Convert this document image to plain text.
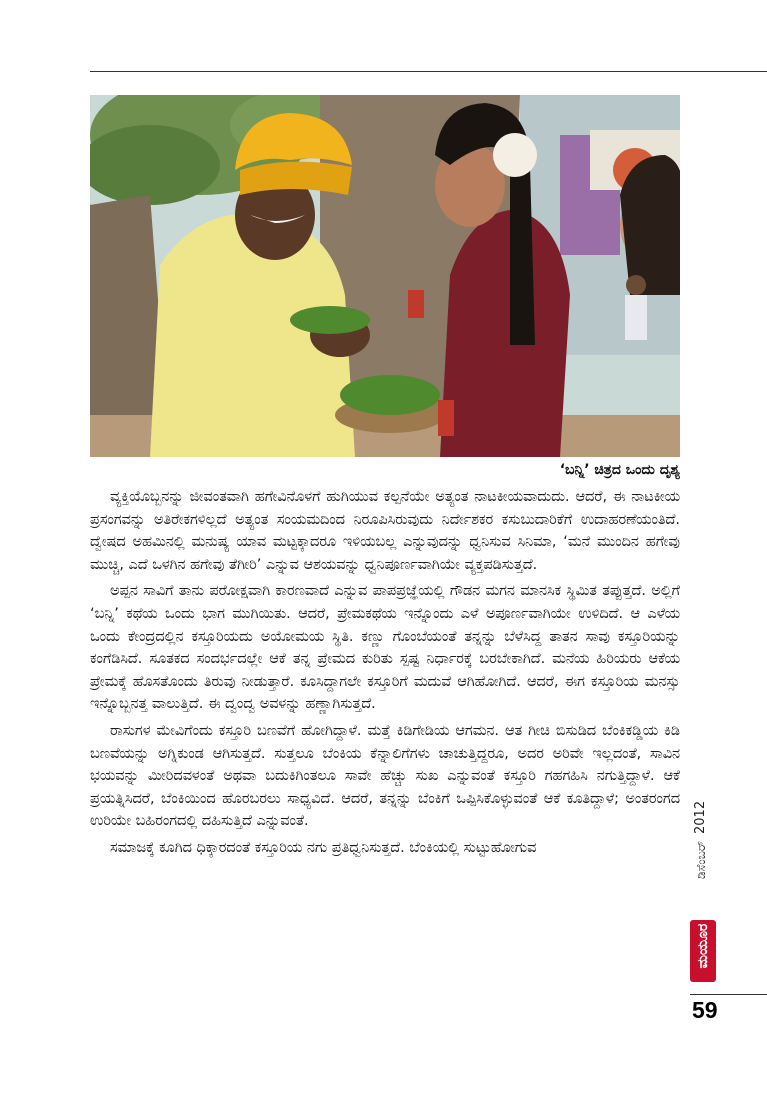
‘ಬನ್ನಿ’ ಚಿತ್ರದ ಒಂದು ದೃಶ್ಯ

ವ್ಯಕ್ತಿಯೊಬ್ಬನನ್ನು ಜೀವಂತವಾಗಿ ಹಗೇವಿನೊಳಗೆ ಹುಗಿಯುವ ಕಲ್ಪನೆಯೇ ಅತ್ಯಂತ ನಾಟಕೀಯವಾದುದು. ಆದರೆ, ಈ ನಾಟಕೀಯ ಪ್ರಸಂಗವನ್ನು ಅತಿರೇಕಗಳಿಲ್ಲದೆ ಅತ್ಯಂತ ಸಂಯಮದಿಂದ ನಿರೂಪಿಸಿರುವುದು ನಿರ್ದೇಶಕರ ಕಸುಬುದಾರಿಕೆಗೆ ಉದಾಹರಣೆಯಂತಿದೆ. ದ್ವೇಷದ ಅಹಮಿನಲ್ಲಿ ಮನುಷ್ಯ ಯಾವ ಮಟ್ಟಕ್ಕಾದರೂ ಇಳಿಯಬಲ್ಲ ಎನ್ನುವುದನ್ನು ಧ್ವನಿಸುವ ಸಿನಿಮಾ, ‘ಮನೆ ಮುಂದಿನ ಹಗೇವು ಮುಚ್ಚಿ, ಎದೆ ಒಳಗಿನ ಹಗೇವು ತೆಗೀರಿ’ ಎನ್ನುವ ಆಶಯವನ್ನು ಧ್ವನಿಪೂರ್ಣವಾಗಿಯೇ ವ್ಯಕ್ತಪಡಿಸುತ್ತದೆ.

ಅಪ್ಪನ ಸಾವಿಗೆ ತಾನು ಪರೋಕ್ಷವಾಗಿ ಕಾರಣವಾದೆ ಎನ್ನುವ ಪಾಪಪ್ರಜ್ಞೆಯಲ್ಲಿ ಗೌಡನ ಮಗನ ಮಾನಸಿಕ ಸ್ಥಿಮಿತ ತಪ್ಪುತ್ತದೆ. ಅಲ್ಲಿಗೆ ‘ಬನ್ನಿ’ ಕಥೆಯ ಒಂದು ಭಾಗ ಮುಗಿಯಿತು. ಆದರೆ, ಪ್ರೇಮಕಥೆಯ ಇನ್ನೊಂದು ಎಳೆ ಅಪೂರ್ಣವಾಗಿಯೇ ಉಳಿದಿದೆ. ಆ ಎಳೆಯ ಒಂದು ಕೇಂದ್ರದಲ್ಲಿನ ಕಸ್ತೂರಿಯದು ಅಯೋಮಯ ಸ್ಥಿತಿ. ಕಣ್ಣು ಗೊಂಬೆಯಂತೆ ತನ್ನನ್ನು ಬೆಳೆಸಿದ್ದ ತಾತನ ಸಾವು ಕಸ್ತೂರಿಯನ್ನು ಕಂಗೆಡಿಸಿದೆ. ಸೂತಕದ ಸಂದರ್ಭದಲ್ಲೇ ಆಕೆ ತನ್ನ ಪ್ರೇಮದ ಕುರಿತು ಸ್ಪಷ್ಟ ನಿರ್ಧಾರಕ್ಕೆ ಬರಬೇಕಾಗಿದೆ. ಮನೆಯ ಹಿರಿಯರು ಆಕೆಯ ಪ್ರೇಮಕ್ಕೆ ಹೊಸತೊಂದು ತಿರುವು ನೀಡುತ್ತಾರೆ. ಕೂಸಿದ್ದಾಗಲೇ ಕಸ್ತೂರಿಗೆ ಮದುವೆ ಆಗಿಹೋಗಿದೆ. ಆದರೆ, ಈಗ ಕಸ್ತೂರಿಯ ಮನಸ್ಸು ಇನ್ನೊಬ್ಬನತ್ತ ವಾಲುತ್ತಿದೆ. ಈ ದ್ವಂದ್ವ ಅವಳನ್ನು ಹಣ್ಣಾಗಿಸುತ್ತದೆ.

ರಾಸುಗಳ ಮೇವಿಗೆಂದು ಕಸ್ತೂರಿ ಬಣವೆಗೆ ಹೋಗಿದ್ದಾಳೆ. ಮತ್ತೆ ಕಿಡಿಗೇಡಿಯ ಆಗಮನ. ಆತ ಗೀಚಿ ಬಿಸುಡಿದ ಬೆಂಕಿಕಡ್ಡಿಯ ಕಿಡಿ ಬಣವೆಯನ್ನು ಅಗ್ನಿಕುಂಡ ಆಗಿಸುತ್ತದೆ. ಸುತ್ತಲೂ ಬೆಂಕಿಯ ಕೆನ್ನಾಲಿಗೆಗಳು ಚಾಚುತ್ತಿದ್ದರೂ, ಅದರ ಅರಿವೇ ಇಲ್ಲದಂತೆ, ಸಾವಿನ ಭಯವನ್ನು ಮೀರಿದವಳಂತೆ ಅಥವಾ ಬದುಕಿಗಿಂತಲೂ ಸಾವೇ ಹೆಚ್ಚು ಸುಖ ಎನ್ನುವಂತೆ ಕಸ್ತೂರಿ ಗಹಗಹಿಸಿ ನಗುತ್ತಿದ್ದಾಳೆ. ಆಕೆ ಪ್ರಯತ್ನಿಸಿದರೆ, ಬೆಂಕಿಯಿಂದ ಹೊರಬರಲು ಸಾಧ್ಯವಿದೆ. ಆದರೆ, ತನ್ನನ್ನು ಬೆಂಕಿಗೆ ಒಪ್ಪಿಸಿಕೊಳ್ಳುವಂತೆ ಆಕೆ ಕೂತಿದ್ದಾಳೆ; ಅಂತರಂಗದ ಉರಿಯೇ ಬಹಿರಂಗದಲ್ಲಿ ದಹಿಸುತ್ತಿದೆ ಎನ್ನುವಂತೆ.

ಸಮಾಜಕ್ಕೆ ಕೂಗಿದ ಧಿಕ್ಕಾರದಂತೆ ಕಸ್ತೂರಿಯ ನಗು ಪ್ರತಿಧ್ವನಿಸುತ್ತದೆ. ಬೆಂಕಿಯಲ್ಲಿ ಸುಟ್ಟುಹೋಗುವ

2012
ಡಿಸೆಂಬರ್
ಮಯೂರ
59
